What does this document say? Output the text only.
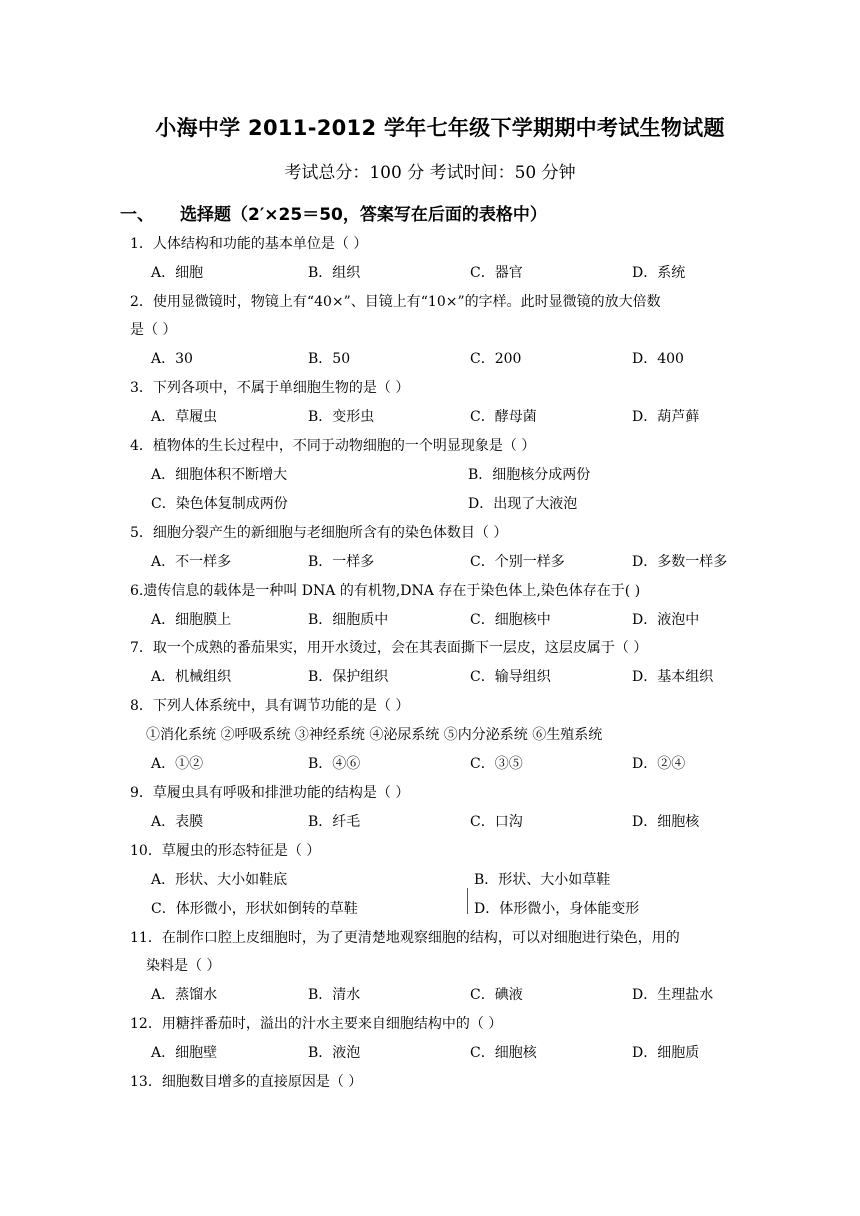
小海中学 2011-2012 学年七年级下学期期中考试生物试题
考试总分：100 分 考试时间：50 分钟
一、 选择题（2′×25＝50，答案写在后面的表格中）
1．人体结构和功能的基本单位是（ ）
A．细胞	B．组织	C．器官	D．系统
2．使用显微镜时，物镜上有“40×”、目镜上有“10×”的字样。此时显微镜的放大倍数
是（ ）
A．30	B．50	C．200	D．400
3．下列各项中，不属于单细胞生物的是（ ）
A．草履虫	B．变形虫	C．酵母菌	D．葫芦藓
4．植物体的生长过程中，不同于动物细胞的一个明显现象是（ ）
A．细胞体积不断增大	B．细胞核分成两份
C．染色体复制成两份	D．出现了大液泡
5．细胞分裂产生的新细胞与老细胞所含有的染色体数目（ ）
A．不一样多	B．一样多	C．个别一样多	D．多数一样多
6.遗传信息的载体是一种叫 DNA 的有机物,DNA 存在于染色体上,染色体存在于( )
A．细胞膜上	B．细胞质中	C．细胞核中	D．液泡中
7．取一个成熟的番茄果实，用开水烫过，会在其表面撕下一层皮，这层皮属于（ ）
A．机械组织	B．保护组织	C．输导组织	D．基本组织
8．下列人体系统中，具有调节功能的是（ ）
①消化系统 ②呼吸系统 ③神经系统 ④泌尿系统 ⑤内分泌系统 ⑥生殖系统
A．①②	B．④⑥	C．③⑤	D．②④
9．草履虫具有呼吸和排泄功能的结构是（ ）
A．表膜	B．纤毛	C．口沟	D．细胞核
10．草履虫的形态特征是（ ）
A．形状、大小如鞋底	B．形状、大小如草鞋
C．体形微小，形状如倒转的草鞋	D．体形微小，身体能变形
11．在制作口腔上皮细胞时，为了更清楚地观察细胞的结构，可以对细胞进行染色，用的
染料是（ ）
A．蒸馏水	B．清水	C．碘液	D．生理盐水
12．用糖拌番茄时，溢出的汁水主要来自细胞结构中的（ ）
A．细胞壁	B．液泡	C．细胞核	D．细胞质
13．细胞数目增多的直接原因是（ ）
